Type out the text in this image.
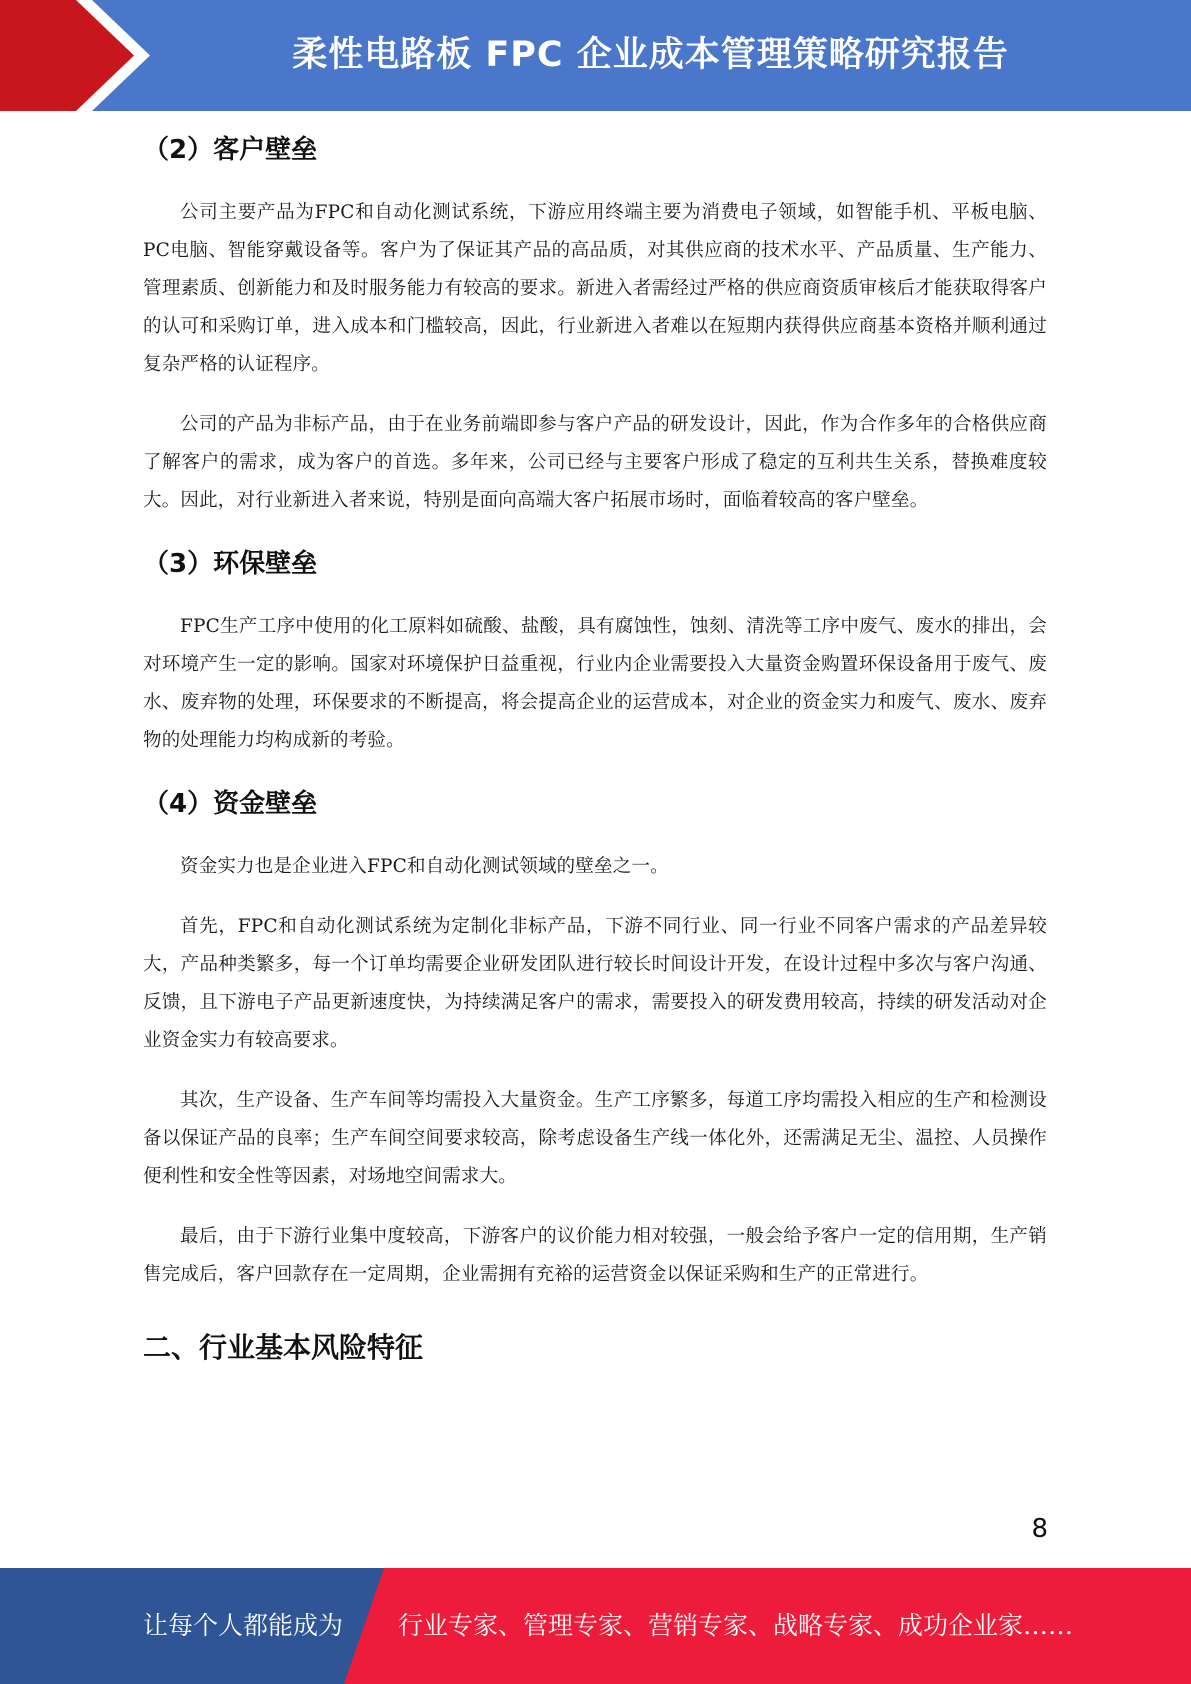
柔性电路板 FPC 企业成本管理策略研究报告
（2）客户壁垒

公司主要产品为FPC和自动化测试系统，下游应用终端主要为消费电子领域，如智能手机、平板电脑、PC电脑、智能穿戴设备等。客户为了保证其产品的高品质，对其供应商的技术水平、产品质量、生产能力、管理素质、创新能力和及时服务能力有较高的要求。新进入者需经过严格的供应商资质审核后才能获取得客户的认可和采购订单，进入成本和门槛较高，因此，行业新进入者难以在短期内获得供应商基本资格并顺利通过复杂严格的认证程序。

公司的产品为非标产品，由于在业务前端即参与客户产品的研发设计，因此，作为合作多年的合格供应商了解客户的需求，成为客户的首选。多年来，公司已经与主要客户形成了稳定的互利共生关系，替换难度较大。因此，对行业新进入者来说，特别是面向高端大客户拓展市场时，面临着较高的客户壁垒。

（3）环保壁垒

FPC生产工序中使用的化工原料如硫酸、盐酸，具有腐蚀性，蚀刻、清洗等工序中废气、废水的排出，会对环境产生一定的影响。国家对环境保护日益重视，行业内企业需要投入大量资金购置环保设备用于废气、废水、废弃物的处理，环保要求的不断提高，将会提高企业的运营成本，对企业的资金实力和废气、废水、废弃物的处理能力均构成新的考验。

（4）资金壁垒

资金实力也是企业进入FPC和自动化测试领域的壁垒之一。

首先，FPC和自动化测试系统为定制化非标产品，下游不同行业、同一行业不同客户需求的产品差异较大，产品种类繁多，每一个订单均需要企业研发团队进行较长时间设计开发，在设计过程中多次与客户沟通、反馈，且下游电子产品更新速度快，为持续满足客户的需求，需要投入的研发费用较高，持续的研发活动对企业资金实力有较高要求。

其次，生产设备、生产车间等均需投入大量资金。生产工序繁多，每道工序均需投入相应的生产和检测设备以保证产品的良率；生产车间空间要求较高，除考虑设备生产线一体化外，还需满足无尘、温控、人员操作便利性和安全性等因素，对场地空间需求大。

最后，由于下游行业集中度较高，下游客户的议价能力相对较强，一般会给予客户一定的信用期，生产销售完成后，客户回款存在一定周期，企业需拥有充裕的运营资金以保证采购和生产的正常进行。

二、行业基本风险特征
8
让每个人都能成为 行业专家、管理专家、营销专家、战略专家、成功企业家……
